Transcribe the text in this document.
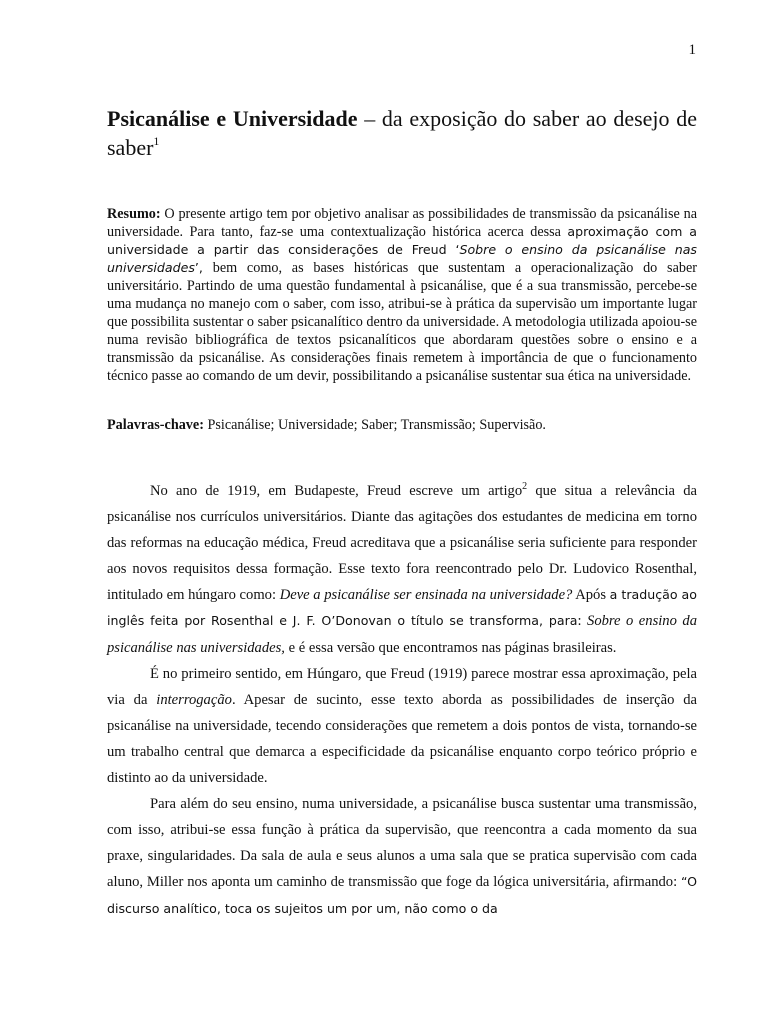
1
Psicanálise e Universidade – da exposição do saber ao desejo de saber$^1$

Resumo: O presente artigo tem por objetivo analisar as possibilidades de transmissão da psicanálise na universidade. Para tanto, faz-se uma contextualização histórica acerca dessa aproximação com a universidade a partir das considerações de Freud ‘Sobre o ensino da psicanálise nas universidades’, bem como, as bases históricas que sustentam a operacionalização do saber universitário. Partindo de uma questão fundamental à psicanálise, que é a sua transmissão, percebe-se uma mudança no manejo com o saber, com isso, atribui-se à prática da supervisão um importante lugar que possibilita sustentar o saber psicanalítico dentro da universidade. A metodologia utilizada apoiou-se numa revisão bibliográfica de textos psicanalíticos que abordaram questões sobre o ensino e a transmissão da psicanálise. As considerações finais remetem à importância de que o funcionamento técnico passe ao comando de um devir, possibilitando a psicanálise sustentar sua ética na universidade.

Palavras-chave: Psicanálise; Universidade; Saber; Transmissão; Supervisão.

No ano de 1919, em Budapeste, Freud escreve um artigo$^2$ que situa a relevância da psicanálise nos currículos universitários. Diante das agitações dos estudantes de medicina em torno das reformas na educação médica, Freud acreditava que a psicanálise seria suficiente para responder aos novos requisitos dessa formação. Esse texto fora reencontrado pelo Dr. Ludovico Rosenthal, intitulado em húngaro como: Deve a psicanálise ser ensinada na universidade? Após a tradução ao inglês feita por Rosenthal e J. F. O’Donovan o título se transforma, para: Sobre o ensino da psicanálise nas universidades, e é essa versão que encontramos nas páginas brasileiras.

É no primeiro sentido, em Húngaro, que Freud (1919) parece mostrar essa aproximação, pela via da interrogação. Apesar de sucinto, esse texto aborda as possibilidades de inserção da psicanálise na universidade, tecendo considerações que remetem a dois pontos de vista, tornando-se um trabalho central que demarca a especificidade da psicanálise enquanto corpo teórico próprio e distinto ao da universidade.

Para além do seu ensino, numa universidade, a psicanálise busca sustentar uma transmissão, com isso, atribui-se essa função à prática da supervisão, que reencontra a cada momento da sua praxe, singularidades. Da sala de aula e seus alunos a uma sala que se pratica supervisão com cada aluno, Miller nos aponta um caminho de transmissão que foge da lógica universitária, afirmando: “O discurso analítico, toca os sujeitos um por um, não como o da
